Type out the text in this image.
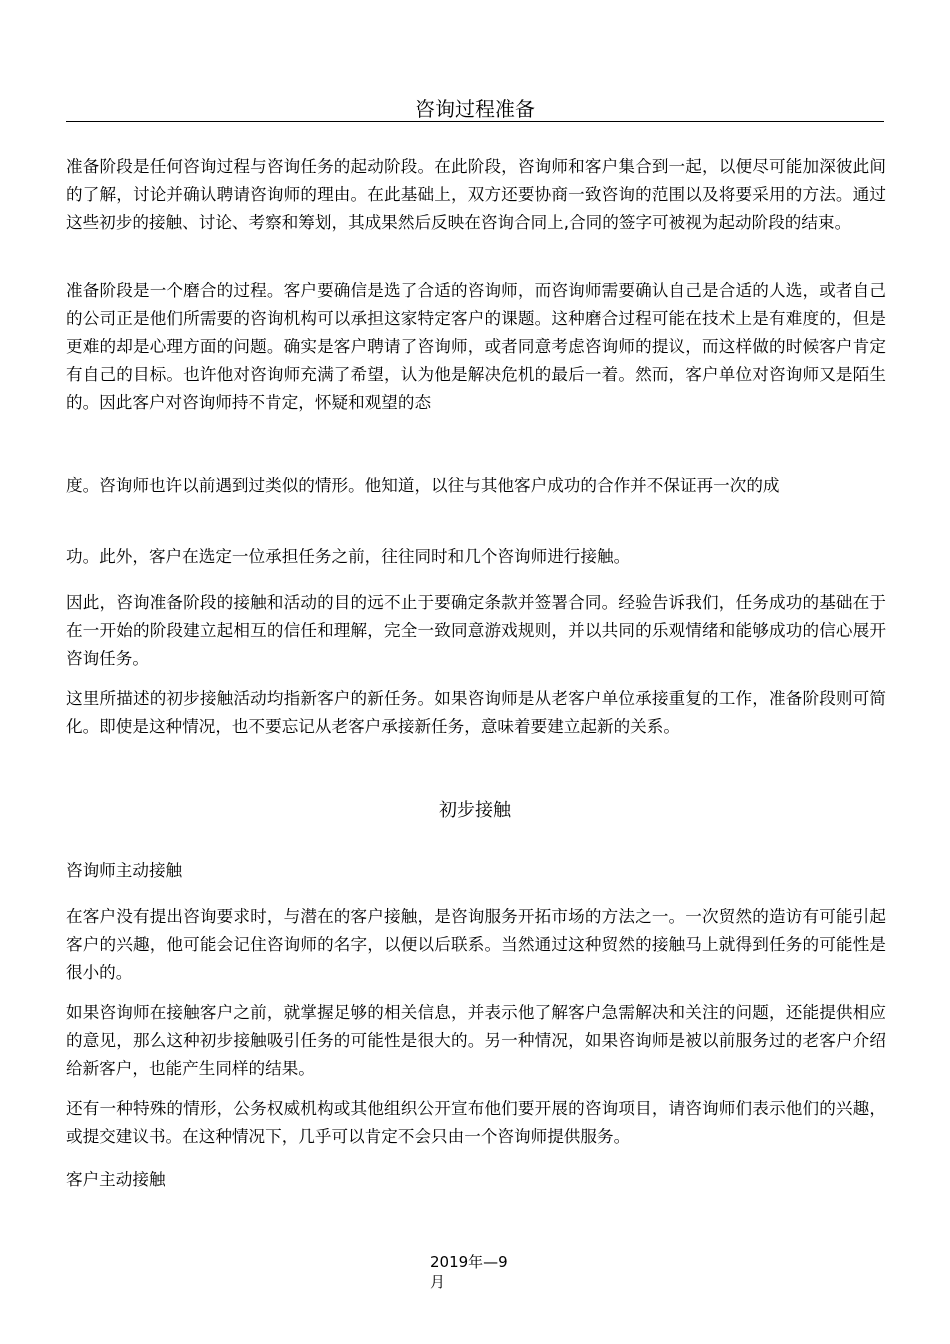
咨询过程准备

准备阶段是任何咨询过程与咨询任务的起动阶段。在此阶段，咨询师和客户集合到一起，以便尽可能加深彼此间的了解，讨论并确认聘请咨询师的理由。在此基础上，双方还要协商一致咨询的范围以及将要采用的方法。通过这些初步的接触、讨论、考察和筹划，其成果然后反映在咨询合同上,合同的签字可被视为起动阶段的结束。

准备阶段是一个磨合的过程。客户要确信是选了合适的咨询师，而咨询师需要确认自己是合适的人选，或者自己的公司正是他们所需要的咨询机构可以承担这家特定客户的课题。这种磨合过程可能在技术上是有难度的，但是更难的却是心理方面的问题。确实是客户聘请了咨询师，或者同意考虑咨询师的提议，而这样做的时候客户肯定有自己的目标。也许他对咨询师充满了希望，认为他是解决危机的最后一着。然而，客户单位对咨询师又是陌生的。因此客户对咨询师持不肯定，怀疑和观望的态

度。咨询师也许以前遇到过类似的情形。他知道，以往与其他客户成功的合作并不保证再一次的成

功。此外，客户在选定一位承担任务之前，往往同时和几个咨询师进行接触。

因此，咨询准备阶段的接触和活动的目的远不止于要确定条款并签署合同。经验告诉我们，任务成功的基础在于在一开始的阶段建立起相互的信任和理解，完全一致同意游戏规则，并以共同的乐观情绪和能够成功的信心展开咨询任务。

这里所描述的初步接触活动均指新客户的新任务。如果咨询师是从老客户单位承接重复的工作，准备阶段则可简化。即使是这种情况，也不要忘记从老客户承接新任务，意味着要建立起新的关系。

初步接触

咨询师主动接触

在客户没有提出咨询要求时，与潜在的客户接触，是咨询服务开拓市场的方法之一。一次贸然的造访有可能引起客户的兴趣，他可能会记住咨询师的名字，以便以后联系。当然通过这种贸然的接触马上就得到任务的可能性是很小的。

如果咨询师在接触客户之前，就掌握足够的相关信息，并表示他了解客户急需解决和关注的问题，还能提供相应的意见，那么这种初步接触吸引任务的可能性是很大的。另一种情况，如果咨询师是被以前服务过的老客户介绍给新客户，也能产生同样的结果。

还有一种特殊的情形，公务权威机构或其他组织公开宣布他们要开展的咨询项目，请咨询师们表示他们的兴趣，或提交建议书。在这种情况下，几乎可以肯定不会只由一个咨询师提供服务。

客户主动接触

2019年—9月
